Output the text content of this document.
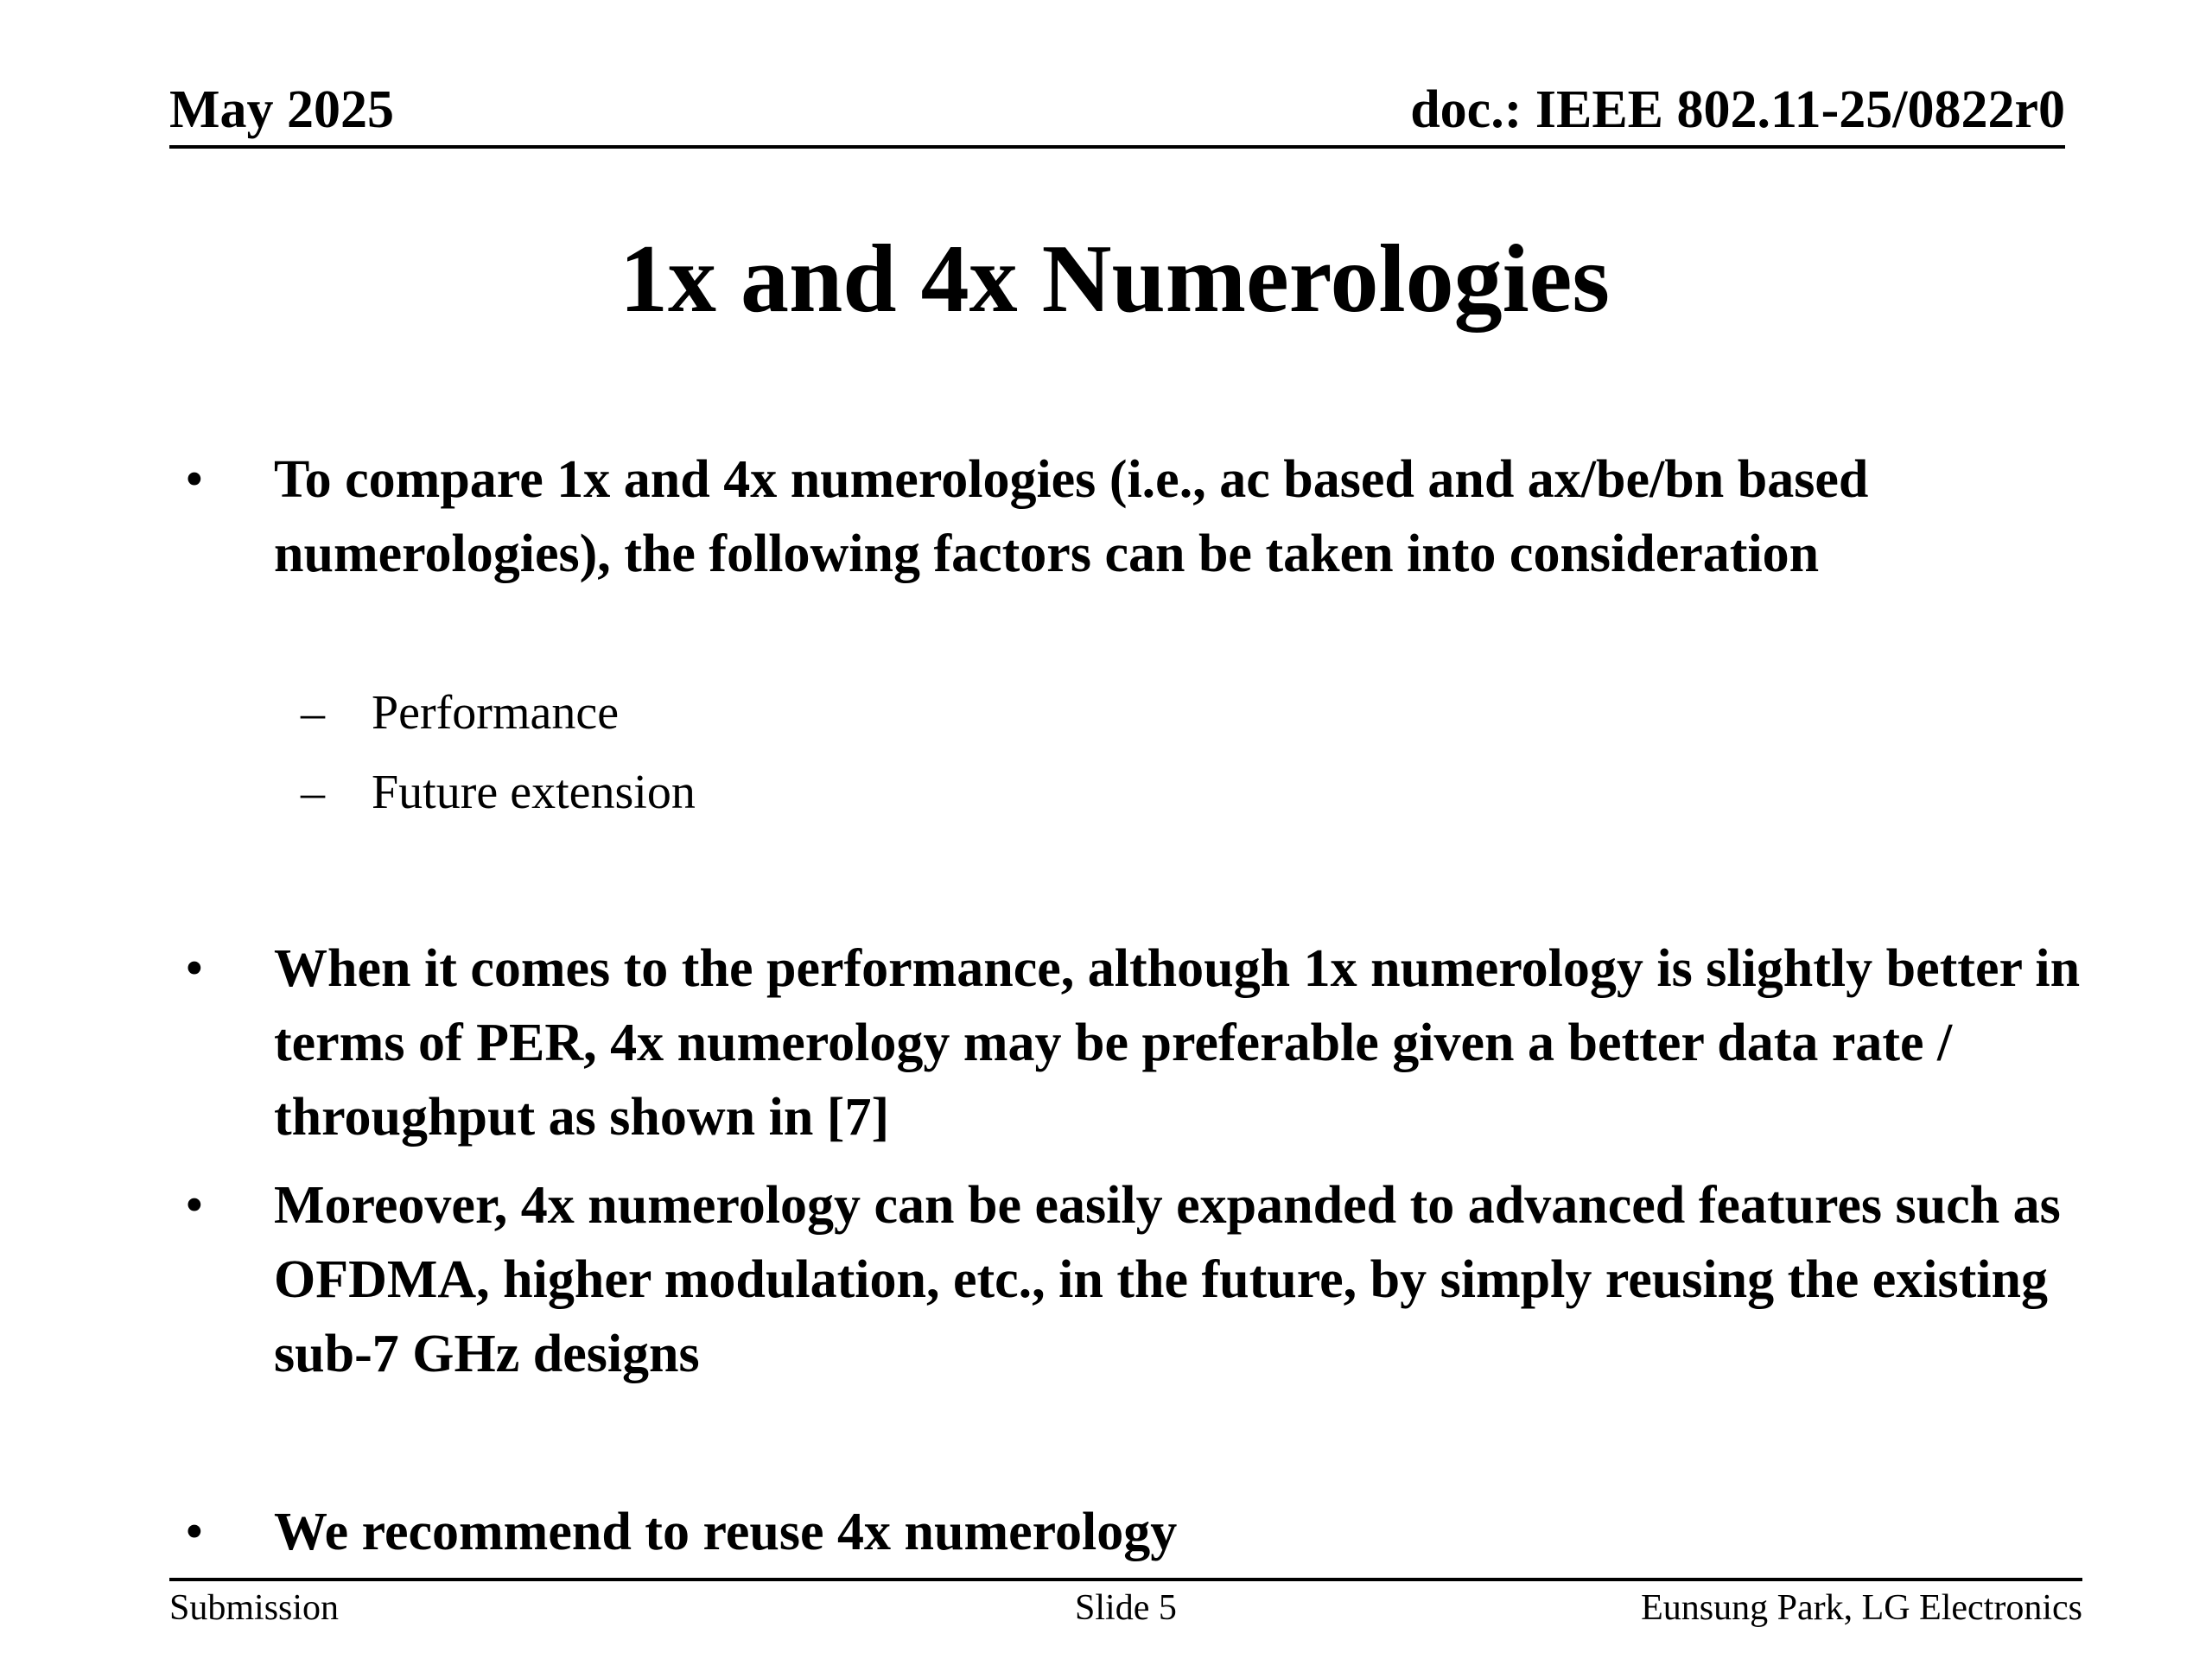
May 2025	doc.: IEEE 802.11-25/0822r0
1x and 4x Numerologies
• To compare 1x and 4x numerologies (i.e., ac based and ax/be/bn based numerologies), the following factors can be taken into consideration
– Performance
– Future extension
• When it comes to the performance, although 1x numerology is slightly better in terms of PER, 4x numerology may be preferable given a better data rate / throughput as shown in [7]
• Moreover, 4x numerology can be easily expanded to advanced features such as OFDMA, higher modulation, etc., in the future, by simply reusing the existing sub-7 GHz designs
• We recommend to reuse 4x numerology
Submission	Slide 5	Eunsung Park, LG Electronics
